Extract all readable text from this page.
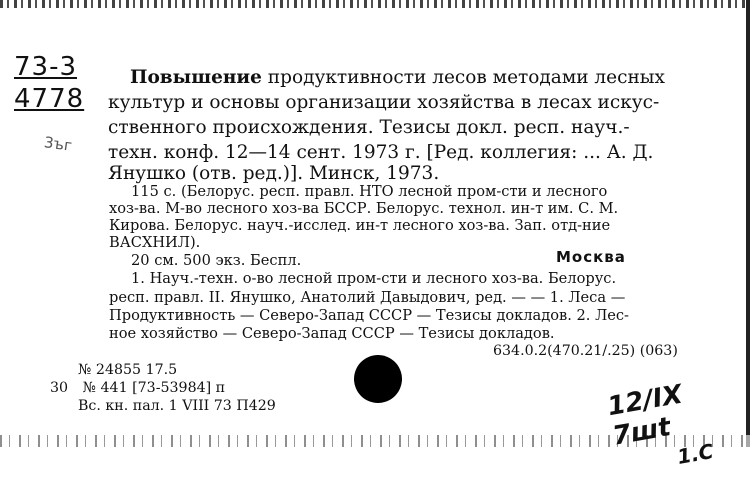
73-3
4778
3ъг
Москва
12/IX 7шt
1.С
Повышение продуктивности лесов методами лесных
культур и основы организации хозяйства в лесах искус-
ственного происхождения. Тезисы докл. респ. науч.-
техн. конф. 12—14 сент. 1973 г. [Ред. коллегия: ... А. Д.
Янушко (отв. ред.)]. Минск, 1973.
115 с. (Белорус. респ. правл. НТО лесной пром-сти и лесного
хоз-ва. М-во лесного хоз-ва БССР. Белорус. технол. ин-т им. С. М.
Кирова. Белорус. науч.-исслед. ин-т лесного хоз-ва. Зап. отд-ние
ВАСХНИЛ).
20 см. 500 экз. Беспл.
1. Науч.-техн. о-во лесной пром-сти и лесного хоз-ва. Белорус.
респ. правл. II. Янушко, Анатолий Давыдович, ред. — — 1. Леса —
Продуктивность — Северо-Запад СССР — Тезисы докладов. 2. Лес-
ное хозяйство — Северо-Запад СССР — Тезисы докладов.
634.0.2(470.21/.25) (063)
№ 24855 17.5
30 № 441 [73-53984] п
Вс. кн. пал. 1 VIII 73 П429
